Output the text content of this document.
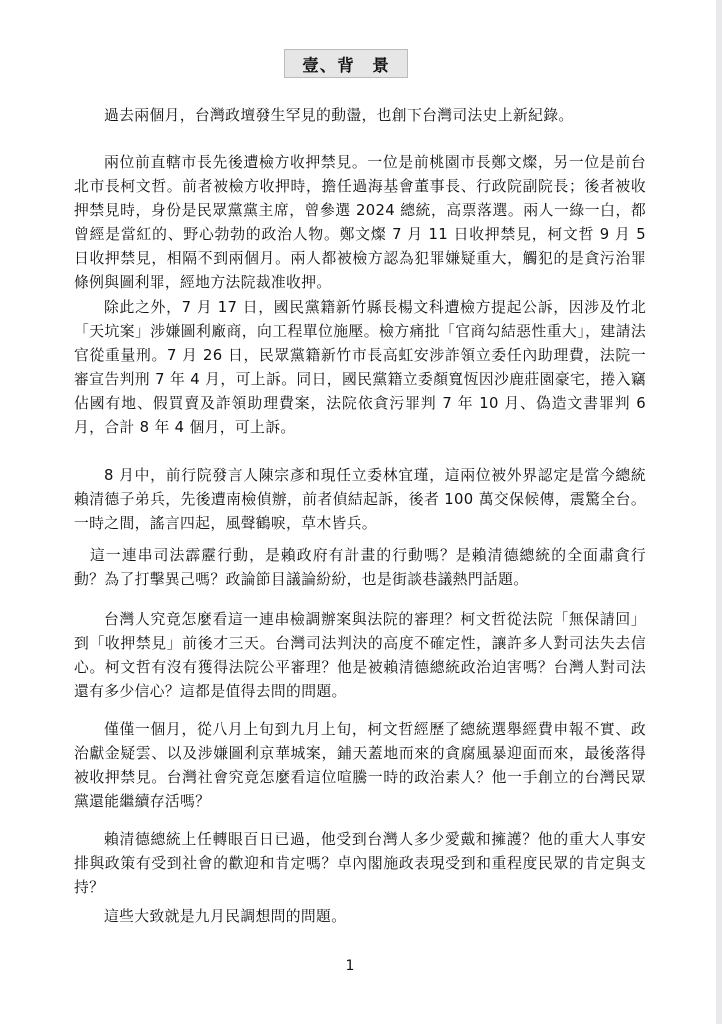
壹、背　景

過去兩個月，台灣政壇發生罕見的動盪，也創下台灣司法史上新紀錄。

兩位前直轄市長先後遭檢方收押禁見。一位是前桃園市長鄭文燦，另一位是前台北市長柯文哲。前者被檢方收押時，擔任過海基會董事長、行政院副院長；後者被收押禁見時，身份是民眾黨黨主席，曾參選 2024 總統，高票落選。兩人一綠一白，都曾經是當紅的、野心勃勃的政治人物。鄭文燦 7 月 11 日收押禁見，柯文哲 9 月 5 日收押禁見，相隔不到兩個月。兩人都被檢方認為犯罪嫌疑重大，觸犯的是貪污治罪條例與圖利罪，經地方法院裁准收押。

除此之外，7 月 17 日，國民黨籍新竹縣長楊文科遭檢方提起公訴，因涉及竹北「天坑案」涉嫌圖利廠商，向工程單位施壓。檢方痛批「官商勾結惡性重大」，建請法官從重量刑。7 月 26 日，民眾黨籍新竹市長高虹安涉詐領立委任內助理費，法院一審宣告判刑 7 年 4 月，可上訴。同日，國民黨籍立委顏寬恆因沙鹿莊園豪宅，捲入竊佔國有地、假買賣及詐領助理費案，法院依貪污罪判 7 年 10 月、偽造文書罪判 6 月，合計 8 年 4 個月，可上訴。

8 月中，前行院發言人陳宗彥和現任立委林宜瑾，這兩位被外界認定是當今總統賴清德子弟兵，先後遭南檢偵辦，前者偵結起訴，後者 100 萬交保候傳，震驚全台。一時之間，謠言四起，風聲鶴唳，草木皆兵。

這一連串司法霹靂行動，是賴政府有計畫的行動嗎？是賴清德總統的全面肅貪行動？為了打擊異己嗎？政論節目議論紛紛，也是街談巷議熱門話題。

台灣人究竟怎麼看這一連串檢調辦案與法院的審理？柯文哲從法院「無保請回」到「收押禁見」前後才三天。台灣司法判決的高度不確定性，讓許多人對司法失去信心。柯文哲有沒有獲得法院公平審理？他是被賴清德總統政治迫害嗎？台灣人對司法還有多少信心？這都是值得去問的問題。

僅僅一個月，從八月上旬到九月上旬，柯文哲經歷了總統選舉經費申報不實、政治獻金疑雲、以及涉嫌圖利京華城案，鋪天蓋地而來的貪腐風暴迎面而來，最後落得被收押禁見。台灣社會究竟怎麼看這位喧騰一時的政治素人？他一手創立的台灣民眾黨還能繼續存活嗎？

賴清德總統上任轉眼百日已過，他受到台灣人多少愛戴和擁護？他的重大人事安排與政策有受到社會的歡迎和肯定嗎？卓內閣施政表現受到和重程度民眾的肯定與支持？

這些大致就是九月民調想問的問題。

1
